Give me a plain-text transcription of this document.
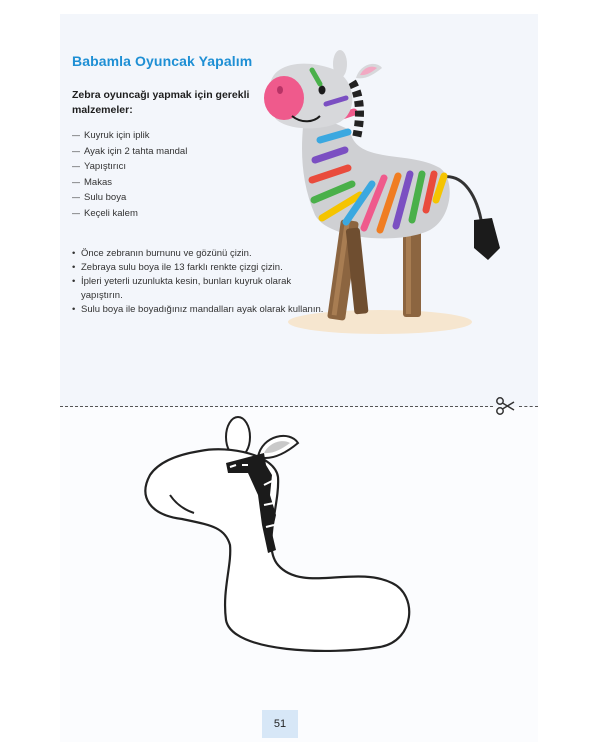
Babamla Oyuncak Yapalım
Zebra oyuncağı yapmak için gerekli malzemeler:
— Kuyruk için iplik
— Ayak için 2 tahta mandal
— Yapıştırıcı
— Makas
— Sulu boya
— Keçeli kalem
• Önce zebranın burnunu ve gözünü çizin.
• Zebraya sulu boya ile 13 farklı renkte çizgi çizin.
• İpleri yeterli uzunlukta kesin, bunları kuyruk olarak yapıştırın.
• Sulu boya ile boyadığınız mandalları ayak olarak kullanın.
51
